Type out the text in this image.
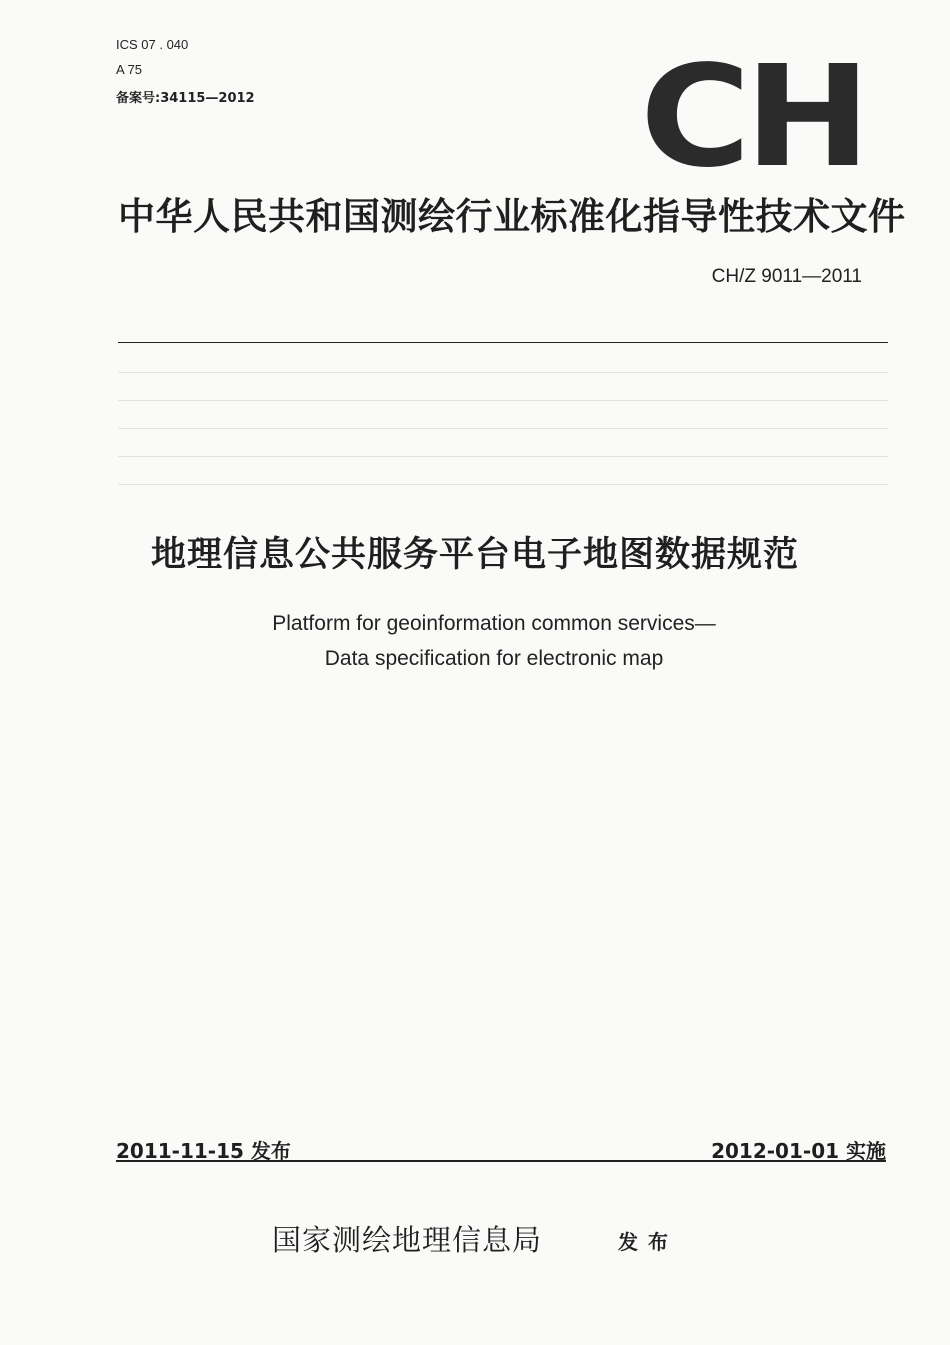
ICS 07 . 040
A 75
备案号:34115—2012	CH
中华人民共和国测绘行业标准化指导性技术文件
CH/Z 9011—2011
地理信息公共服务平台电子地图数据规范
Platform for geoinformation common services—
Data specification for electronic map
2011-11-15 发布	2012-01-01 实施
国家测绘地理信息局	发布
